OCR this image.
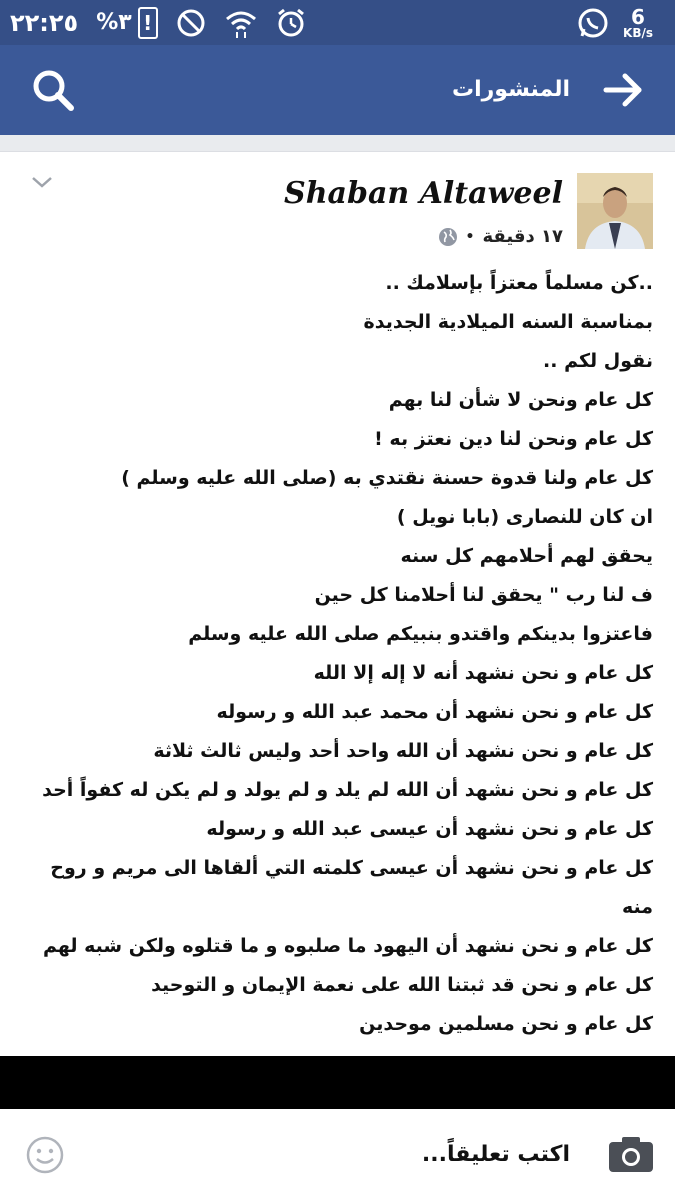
٢٢:٢٥ %٣ !	6
KB/s
المنشورات
Shaban Altaweel
١٧ دقيقة
•
..كن مسلماً معتزاً بإسلامك ..
بمناسبة السنه الميلادية الجديدة
نقول لكم ..
كل عام ونحن لا شأن لنا بهم
كل عام ونحن لنا دين نعتز به !
كل عام ولنا قدوة حسنة نقتدي به (صلى الله عليه وسلم )
ان كان للنصارى (بابا نويل )
يحقق لهم أحلامهم كل سنه
ف لنا رب " يحقق لنا أحلامنا كل حين
فاعتزوا بدينكم واقتدو بنبيكم صلى الله عليه وسلم
كل عام و نحن نشهد أنه لا إله إلا الله
كل عام و نحن نشهد أن محمد عبد الله و رسوله
كل عام و نحن نشهد أن الله واحد أحد وليس ثالث ثلاثة
كل عام و نحن نشهد أن الله لم يلد و لم يولد و لم يكن له كفواً أحد
كل عام و نحن نشهد أن عيسى عبد الله و رسوله
كل عام و نحن نشهد أن عيسى كلمته التي ألقاها الى مريم و روح منه
كل عام و نحن نشهد أن اليهود ما صلبوه و ما قتلوه ولكن شبه لهم
كل عام و نحن قد ثبتنا الله على نعمة الإيمان و التوحيد
كل عام و نحن مسلمين موحدين
اكتب تعليقاً...
